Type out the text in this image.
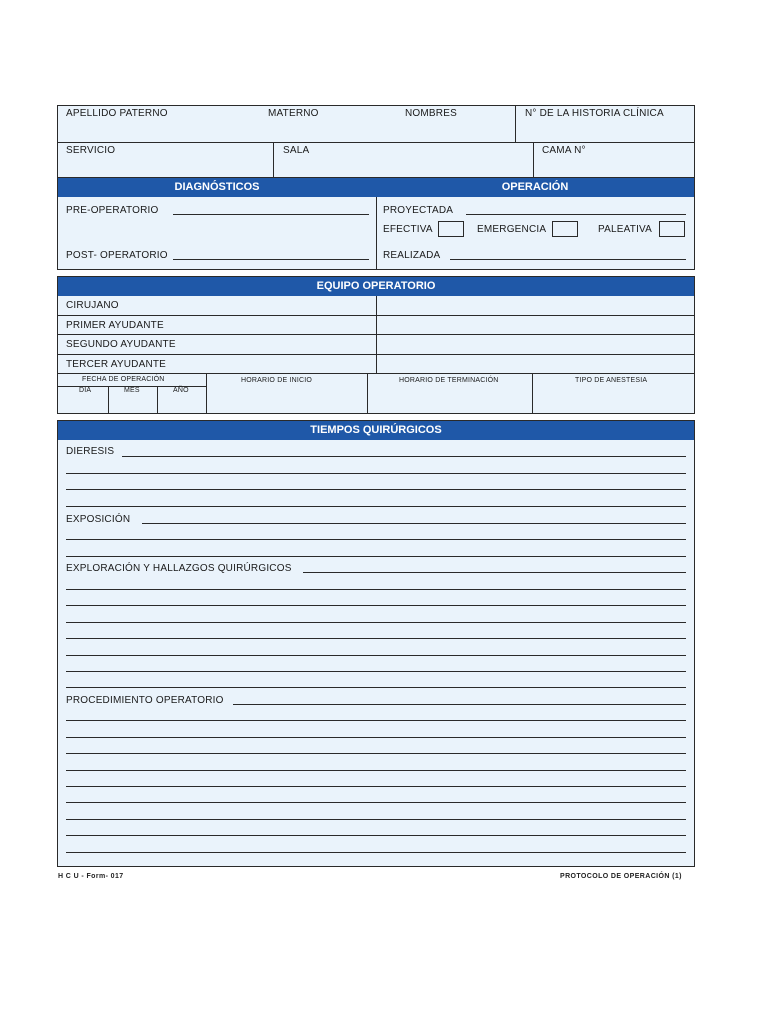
APELLIDO PATERNO	MATERNO	NOMBRES	N° DE LA HISTORIA CLÍNICA
SERVICIO	SALA	CAMA N°
DIAGNÓSTICOS	OPERACIÓN
PRE-OPERATORIO
POST- OPERATORIO
PROYECTADA
EFECTIVA	EMERGENCIA	PALEATIVA
REALIZADA
EQUIPO OPERATORIO
CIRUJANO
PRIMER AYUDANTE
SEGUNDO AYUDANTE
TERCER AYUDANTE
FECHA DE OPERACIÓN
DIA	MES	AÑO
HORARIO DE INICIO	HORARIO DE TERMINACIÓN	TIPO DE ANESTESIA
TIEMPOS QUIRÚRGICOS
DIERESIS
EXPOSICIÓN
EXPLORACIÓN Y HALLAZGOS QUIRÚRGICOS
PROCEDIMIENTO OPERATORIO
H C U - Form- 017	PROTOCOLO DE OPERACIÓN (1)
